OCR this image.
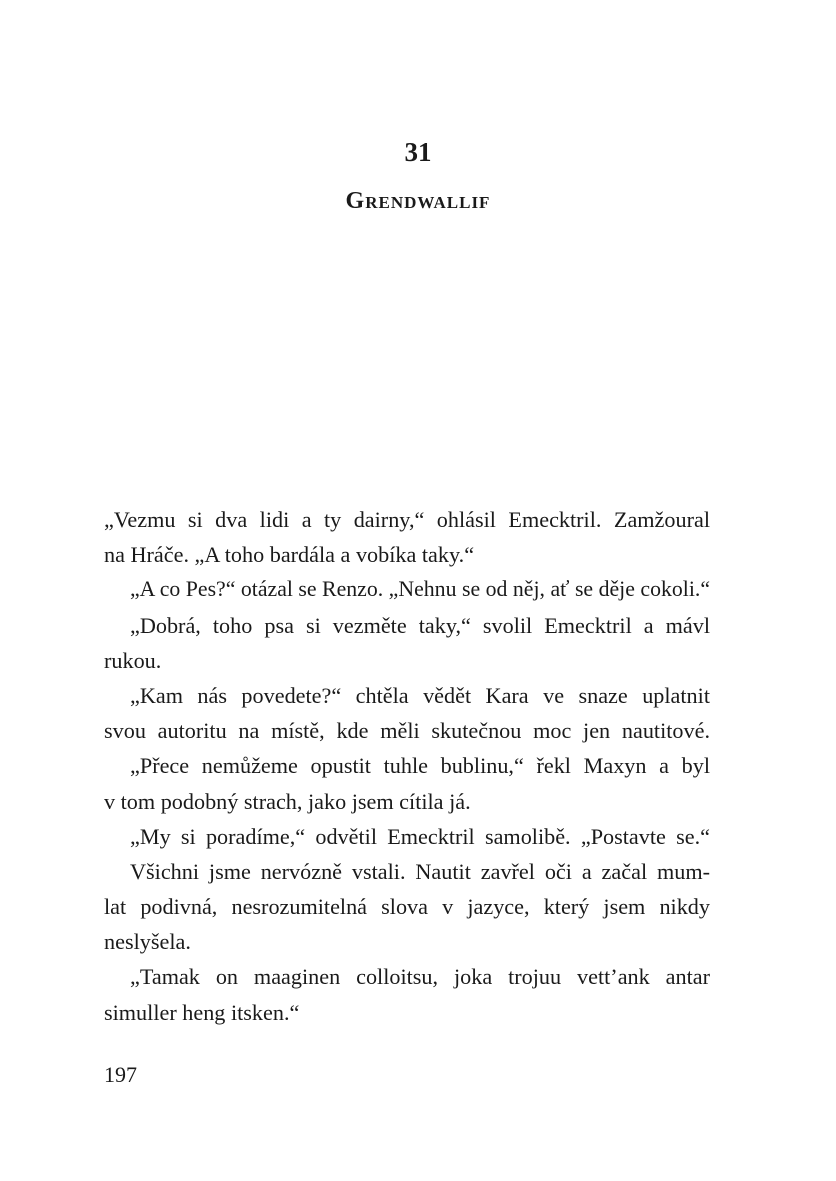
31
Grendwallif
„Vezmu si dva lidi a ty dairny,“ ohlásil Emecktril. Zamžoural
na Hráče. „A toho bardála a vobíka taky.“
„A co Pes?“ otázal se Renzo. „Nehnu se od něj, ať se děje cokoli.“
„Dobrá, toho psa si vezměte taky,“ svolil Emecktril a mávl
rukou.
„Kam nás povedete?“ chtěla vědět Kara ve snaze uplatnit
svou autoritu na místě, kde měli skutečnou moc jen nautitové.
„Přece nemůžeme opustit tuhle bublinu,“ řekl Maxyn a byl
v tom podobný strach, jako jsem cítila já.
„My si poradíme,“ odvětil Emecktril samolibě. „Postavte se.“
Všichni jsme nervózně vstali. Nautit zavřel oči a začal mum-
lat podivná, nesrozumitelná slova v jazyce, který jsem nikdy
neslyšela.
„Tamak on maaginen colloitsu, joka trojuu vett’ank antar
simuller heng itsken.“
197
